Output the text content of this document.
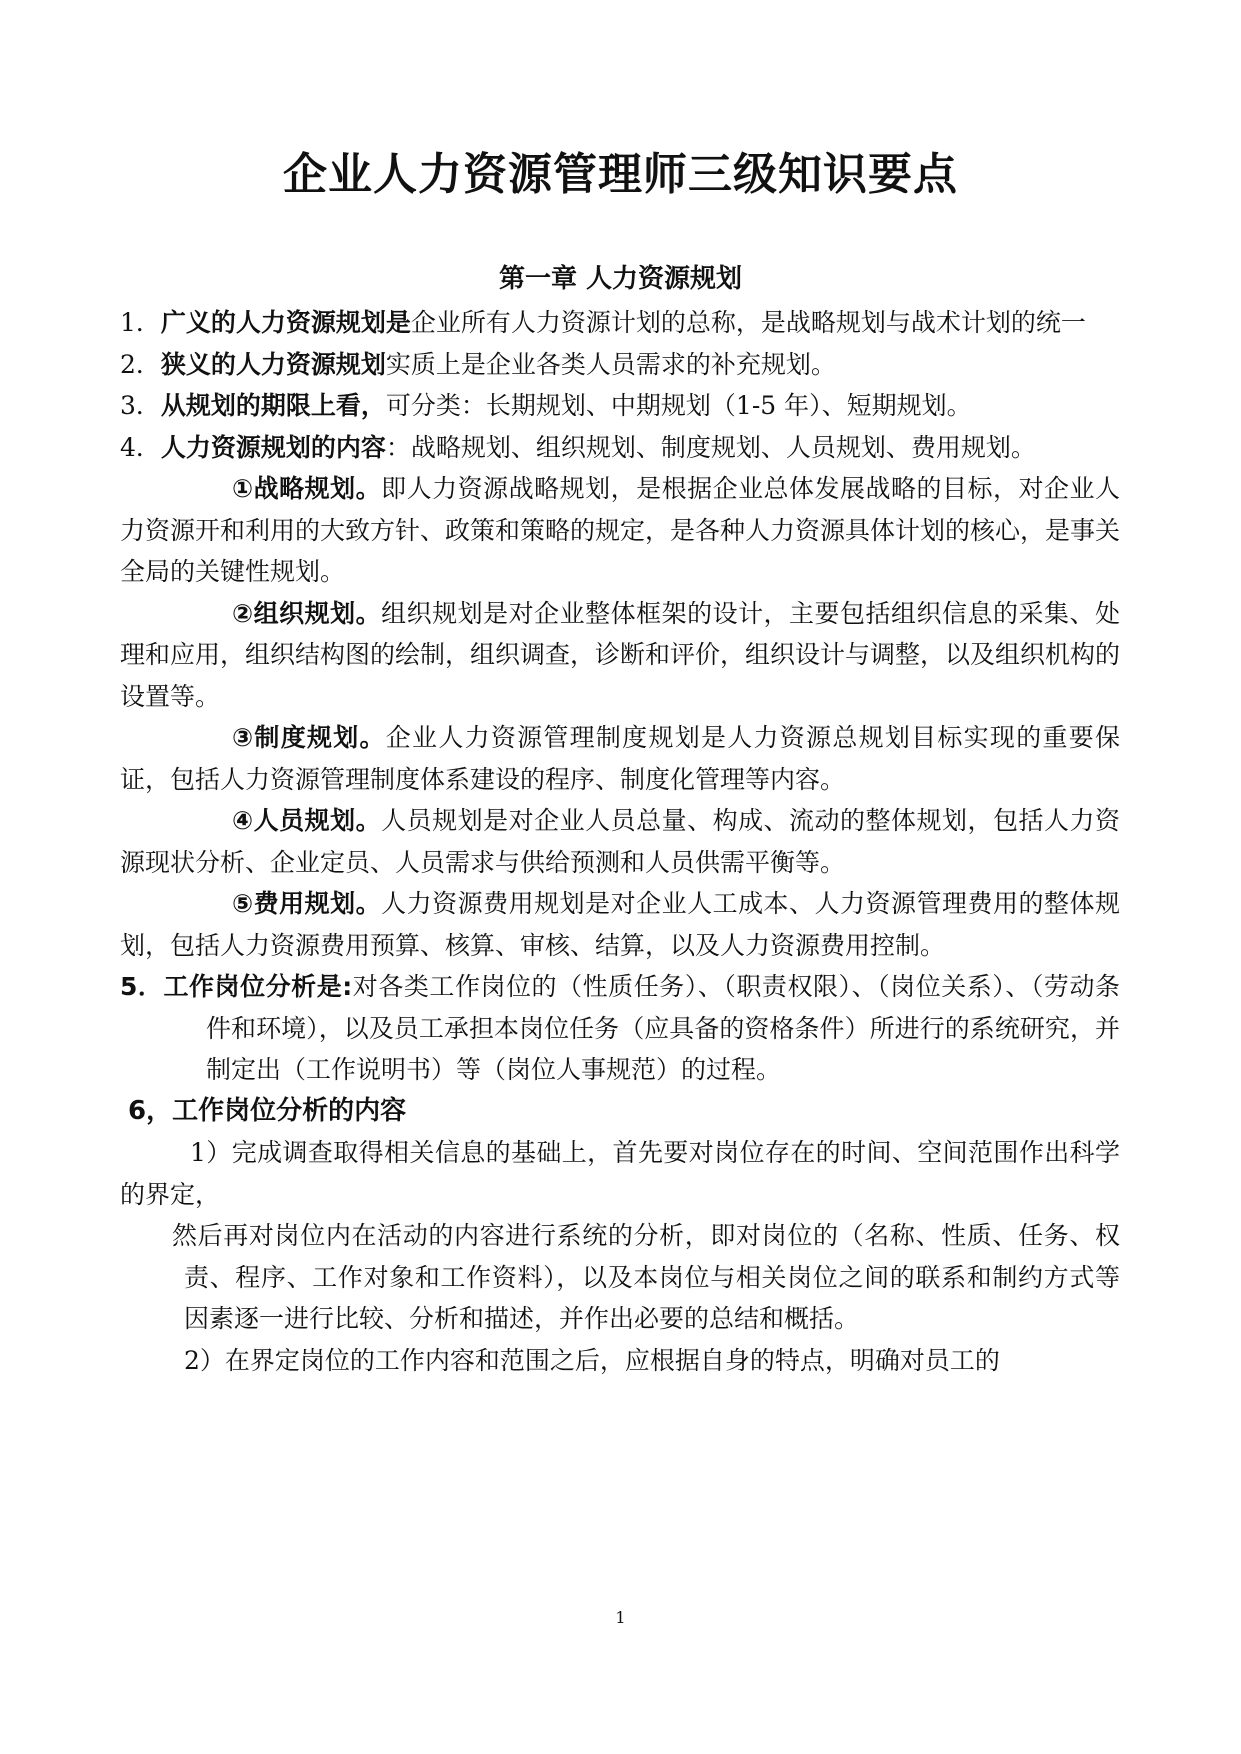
企业人力资源管理师三级知识要点
第一章 人力资源规划

1．广义的人力资源规划是企业所有人力资源计划的总称，是战略规划与战术计划的统一

2．狭义的人力资源规划实质上是企业各类人员需求的补充规划。

3．从规划的期限上看，可分类：长期规划、中期规划（1-5 年）、短期规划。

4．人力资源规划的内容：战略规划、组织规划、制度规划、人员规划、费用规划。

①战略规划。即人力资源战略规划，是根据企业总体发展战略的目标，对企业人力资源开和利用的大致方针、政策和策略的规定，是各种人力资源具体计划的核心，是事关全局的关键性规划。

②组织规划。组织规划是对企业整体框架的设计，主要包括组织信息的采集、处理和应用，组织结构图的绘制，组织调查，诊断和评价，组织设计与调整，以及组织机构的设置等。

③制度规划。企业人力资源管理制度规划是人力资源总规划目标实现的重要保证，包括人力资源管理制度体系建设的程序、制度化管理等内容。

④人员规划。人员规划是对企业人员总量、构成、流动的整体规划，包括人力资源现状分析、企业定员、人员需求与供给预测和人员供需平衡等。

⑤费用规划。人力资源费用规划是对企业人工成本、人力资源管理费用的整体规划，包括人力资源费用预算、核算、审核、结算，以及人力资源费用控制。

5．工作岗位分析是:对各类工作岗位的（性质任务）、（职责权限）、（岗位关系）、（劳动条件和环境），以及员工承担本岗位任务（应具备的资格条件）所进行的系统研究，并制定出（工作说明书）等（岗位人事规范）的过程。

6，工作岗位分析的内容

1）完成调查取得相关信息的基础上，首先要对岗位存在的时间、空间范围作出科学的界定，

然后再对岗位内在活动的内容进行系统的分析，即对岗位的（名称、性质、任务、权责、程序、工作对象和工作资料），以及本岗位与相关岗位之间的联系和制约方式等因素逐一进行比较、分析和描述，并作出必要的总结和概括。

2）在界定岗位的工作内容和范围之后，应根据自身的特点，明确对员工的

1
